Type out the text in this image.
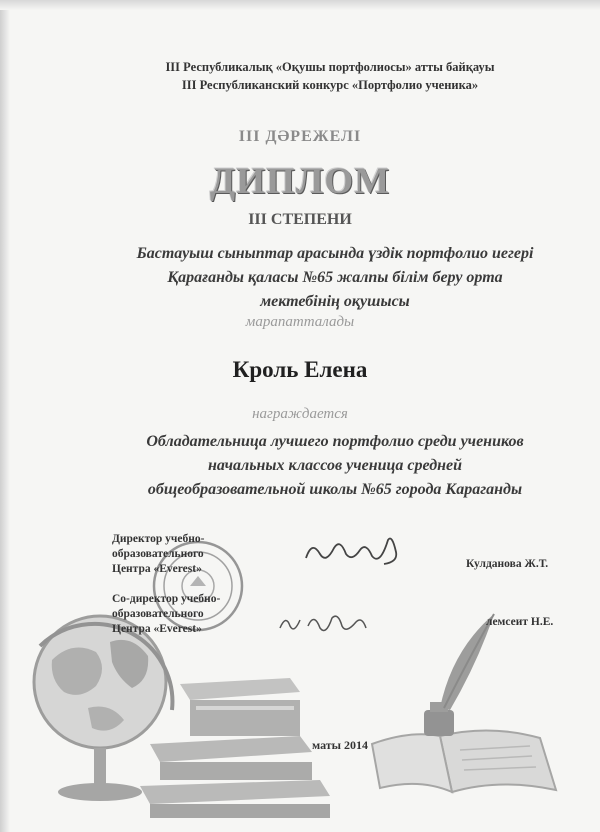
III Республикалық «Оқушы портфолиосы» атты байқауы
III Республиканский конкурс «Портфолио ученика»
III ДӘРЕЖЕЛІ
ДИПЛОМ
III СТЕПЕНИ
Бастауыш сыныптар арасында үздік портфолио иегері
Қарағанды қаласы №65 жалпы білім беру орта
мектебінің оқушысы
марапатталады
Кроль Елена
награждается
Обладательница лучшего портфолио среди учеников
начальных классов ученица средней
общеобразовательной школы №65 города Караганды
Директор учебно-
образовательного
Центра «Everest»	Кулданова Ж.Т.
Со-директор учебно-
образовательного
Центра «Everest»
лемсеит Н.Е.
маты 2014
